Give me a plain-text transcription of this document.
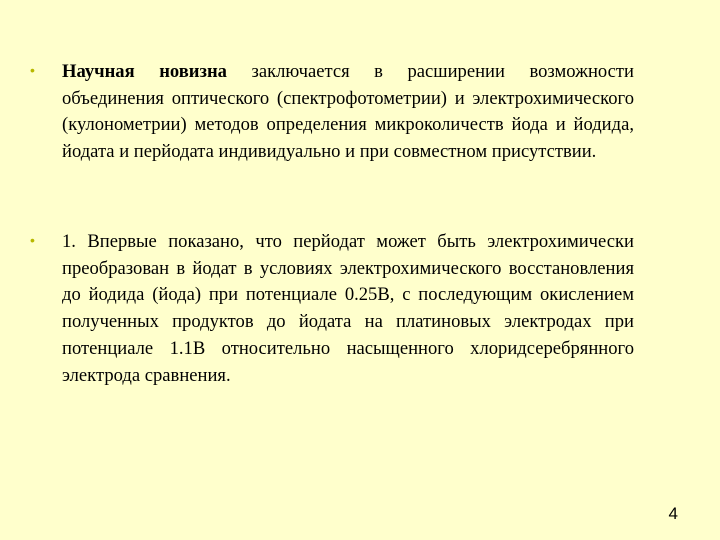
•
Научная новизна заключается в расширении возможности объединения оптического (спектрофотометрии) и электрохимического (кулонометрии) методов определения микроколичеств йода и йодида, йодата и перйодата индивидуально и при совместном присутствии.
•
1. Впервые показано, что перйодат может быть электрохимически преобразован в йодат в условиях электрохимического восстановления до йодида (йода) при потенциале 0.25В, с последующим окислением полученных продуктов до йодата на платиновых электродах при потенциале 1.1В относительно насыщенного хлоридсеребрянного электрода сравнения.
4
